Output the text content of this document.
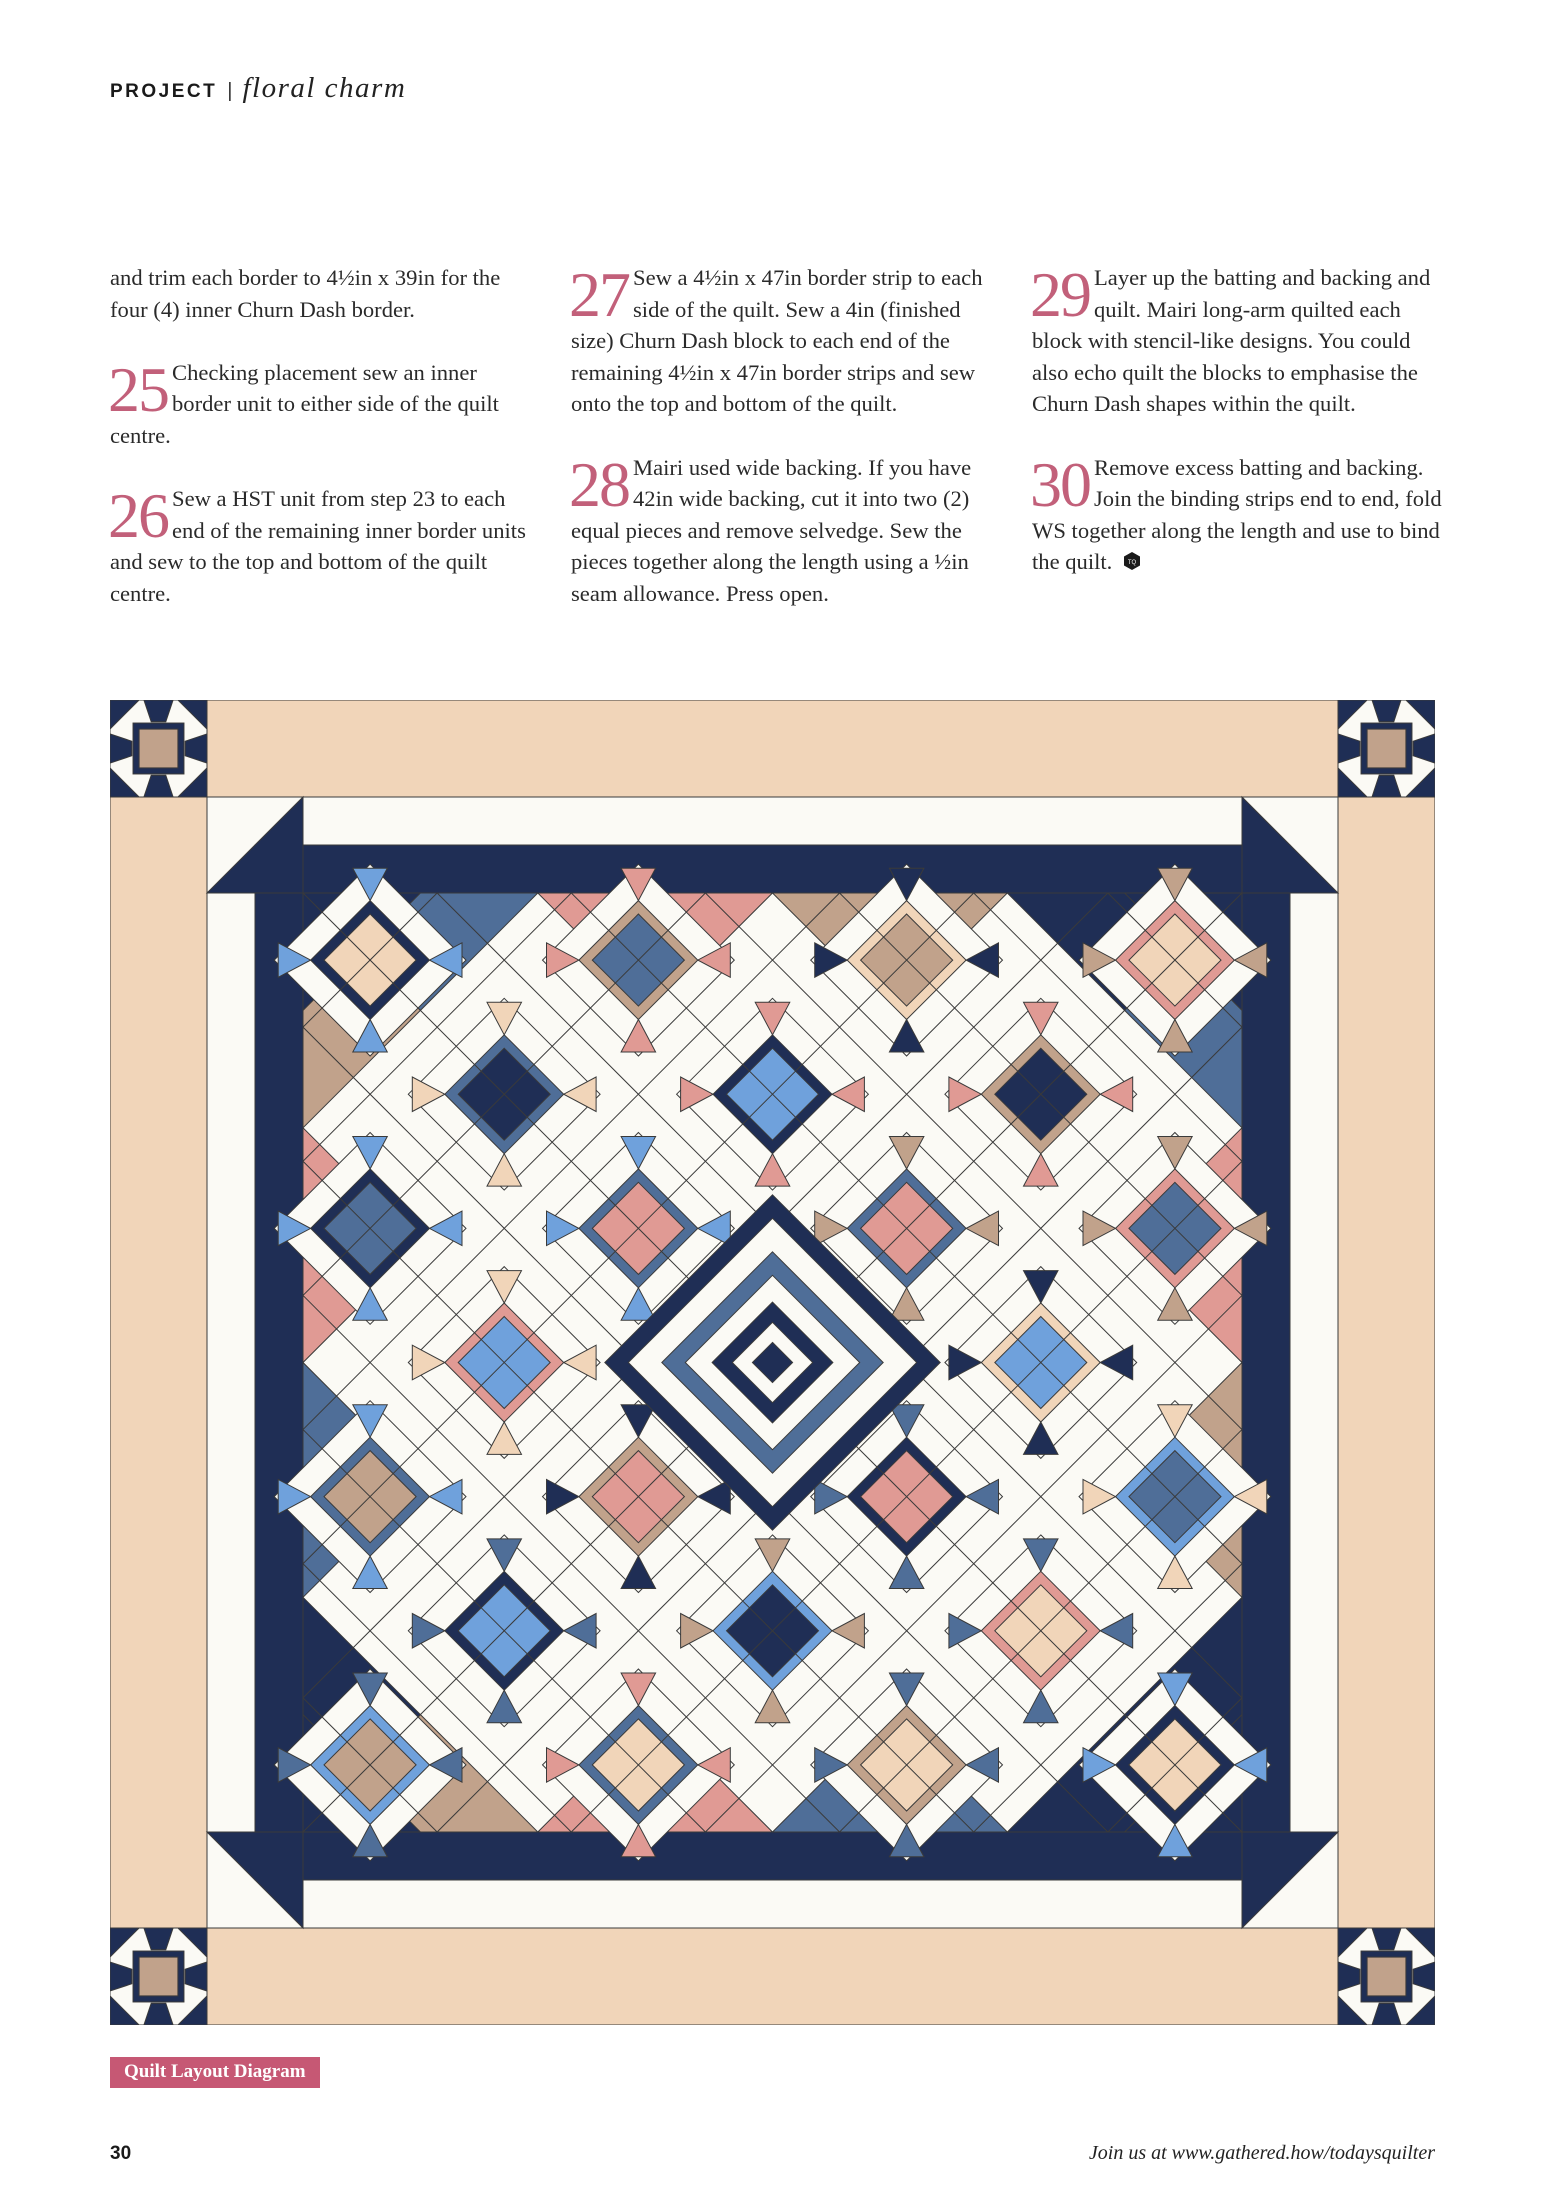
PROJECT | floral charm

and trim each border to 4½in x 39in for the four (4) inner Churn Dash border.

25 Checking placement sew an inner border unit to either side of the quilt centre.
26 Sew a HST unit from step 23 to each end of the remaining inner border units and sew to the top and bottom of the quilt centre.
27 Sew a 4½in x 47in border strip to each side of the quilt. Sew a 4in (finished size) Churn Dash block to each end of the remaining 4½in x 47in border strips and sew onto the top and bottom of the quilt.
28 Mairi used wide backing. If you have 42in wide backing, cut it into two (2) equal pieces and remove selvedge. Sew the pieces together along the length using a ½in seam allowance. Press open.
29 Layer up the batting and backing and quilt. Mairi long-arm quilted each block with stencil-like designs. You could also echo quilt the blocks to emphasise the Churn Dash shapes within the quilt.
30 Remove excess batting and backing. Join the binding strips end to end, fold WS together along the length and use to bind the quilt.	TQ
Quilt Layout Diagram
30	Join us at www.gathered.how/todaysquilter
